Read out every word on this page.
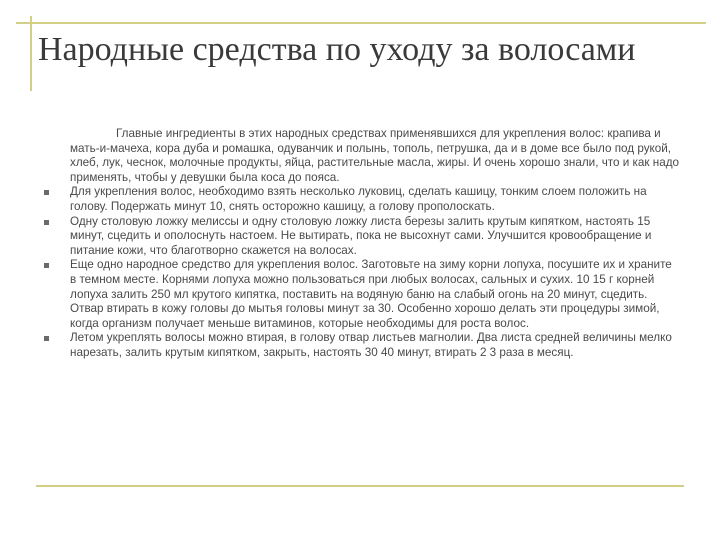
Народные средства по уходу за волосами

Главные ингредиенты в этих народных средствах применявшихся для укрепления волос: крапива и мать-и-мачеха, кора дуба и ромашка, одуванчик и полынь, тополь, петрушка, да и в доме все было под рукой, хлеб, лук, чеснок, молочные продукты, яйца, растительные масла, жиры. И очень хорошо знали, что и как надо применять, чтобы у девушки была коса до пояса.

Для укрепления волос, необходимо взять несколько луковиц, сделать кашицу, тонким слоем положить на голову. Подержать минут 10, снять осторожно кашицу, а голову прополоскать.

Одну столовую ложку мелиссы и одну столовую ложку листа березы залить крутым кипятком, настоять 15 минут, сцедить и ополоснуть настоем. Не вытирать, пока не высохнут сами. Улучшится кровообращение и питание кожи, что благотворно скажется на волосах.

Еще одно народное средство для укрепления волос. Заготовьте на зиму корни лопуха, посушите их и храните в темном месте. Корнями лопуха можно пользоваться при любых волосах, сальных и сухих. 10 15 г корней лопуха залить 250 мл крутого кипятка, поставить на водяную баню на слабый огонь на 20 минут, сцедить. Отвар втирать в кожу головы до мытья головы минут за 30. Особенно хорошо делать эти процедуры зимой, когда организм получает меньше витаминов, которые необходимы для роста волос.

Летом укреплять волосы можно втирая, в голову отвар листьев магнолии. Два листа средней величины мелко нарезать, залить крутым кипятком, закрыть, настоять 30 40 минут, втирать 2 3 раза в месяц.
